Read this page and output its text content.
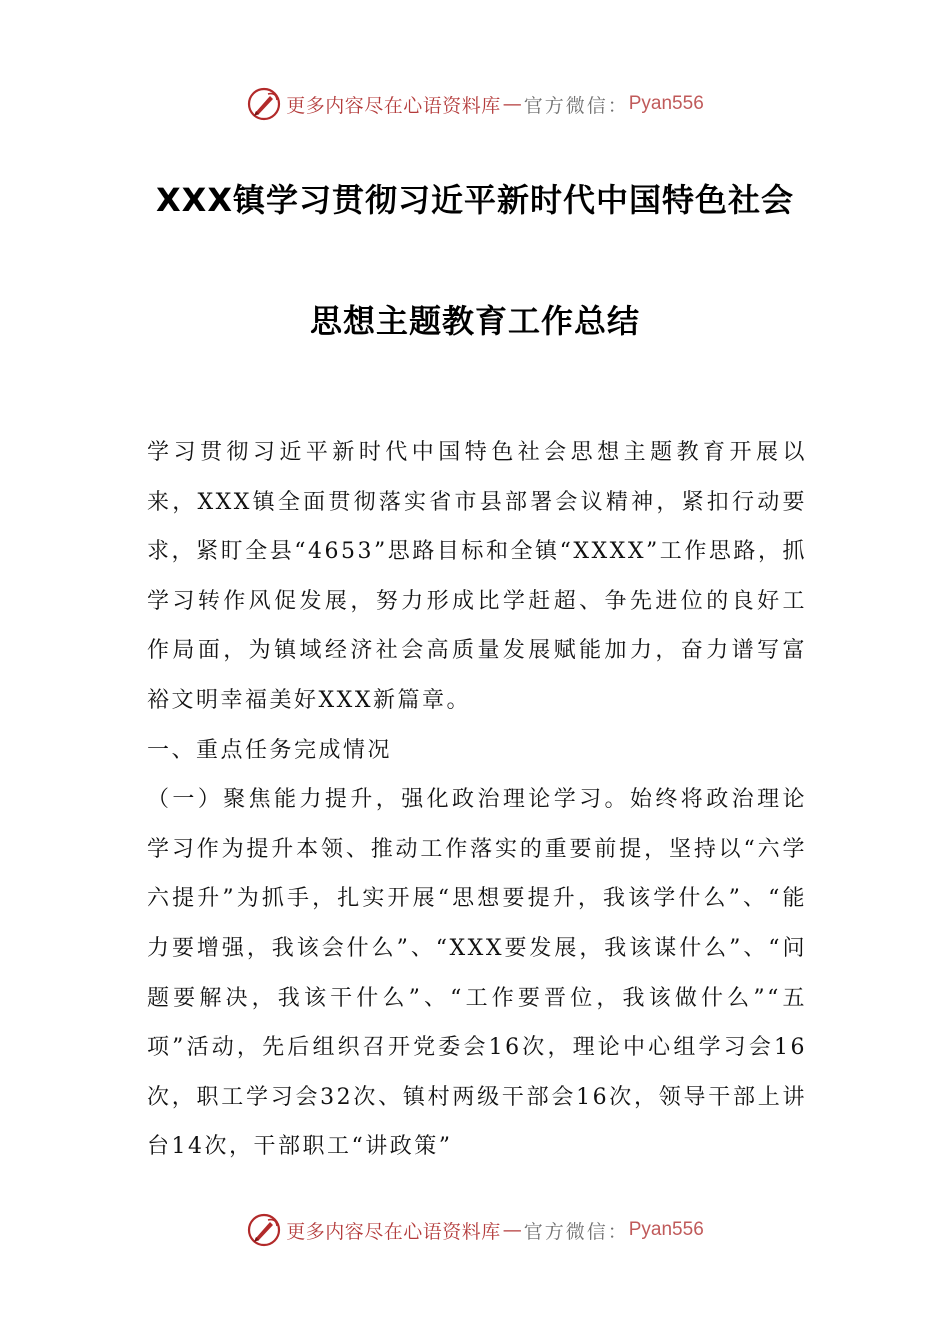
更多内容尽在心语资料库 — 官方微信： Pyan556
XXX镇学习贯彻习近平新时代中国特色社会
思想主题教育工作总结

学习贯彻习近平新时代中国特色社会思想主题教育开展以来，XXX镇全面贯彻落实省市县部署会议精神，紧扣行动要求，紧盯全县“4653”思路目标和全镇“XXXX”工作思路，抓学习转作风促发展，努力形成比学赶超、争先进位的良好工作局面，为镇域经济社会高质量发展赋能加力，奋力谱写富裕文明幸福美好XXX新篇章。

一、重点任务完成情况

（一）聚焦能力提升，强化政治理论学习。始终将政治理论学习作为提升本领、推动工作落实的重要前提，坚持以“六学六提升”为抓手，扎实开展“思想要提升，我该学什么”、“能力要增强，我该会什么”、“XXX要发展，我该谋什么”、“问题要解决，我该干什么”、“工作要晋位，我该做什么”“五项”活动，先后组织召开党委会16次，理论中心组学习会16次，职工学习会32次、镇村两级干部会16次，领导干部上讲台14次，干部职工“讲政策”

更多内容尽在心语资料库 — 官方微信： Pyan556
